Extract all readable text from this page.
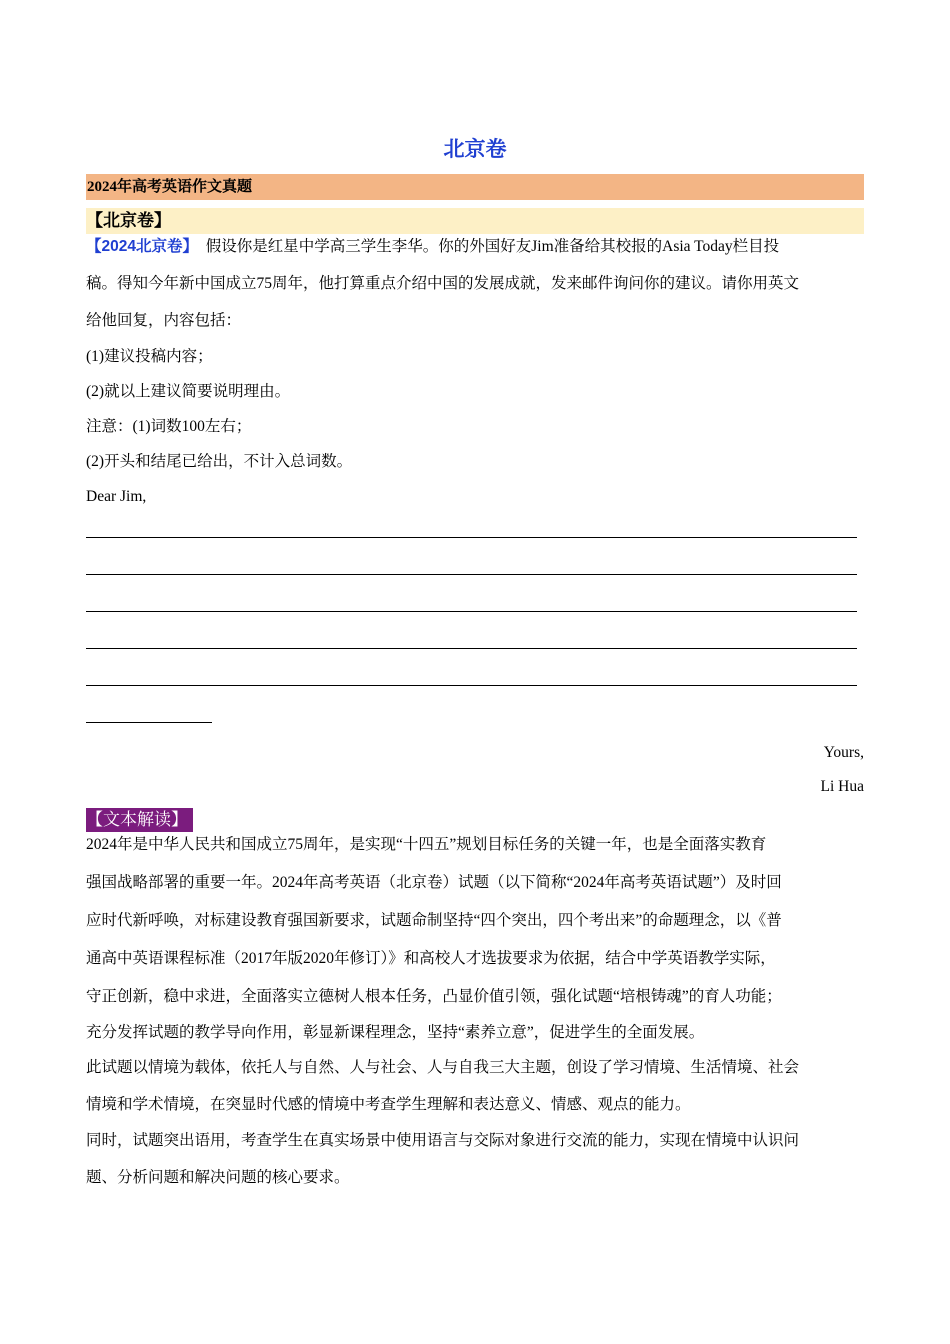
北京卷
2024年高考英语作文真题
【北京卷】
【2024北京卷】 假设你是红星中学高三学生李华。你的外国好友Jim准备给其校报的Asia Today栏目投
稿。得知今年新中国成立75周年，他打算重点介绍中国的发展成就，发来邮件询问你的建议。请你用英文
给他回复，内容包括：
(1)建议投稿内容；
(2)就以上建议简要说明理由。
注意：(1)词数100左右；
(2)开头和结尾已给出，不计入总词数。
Dear Jim,
Yours,
Li Hua
【文本解读】
2024年是中华人民共和国成立75周年，是实现“十四五”规划目标任务的关键一年，也是全面落实教育
强国战略部署的重要一年。2024年高考英语（北京卷）试题（以下简称“2024年高考英语试题”）及时回
应时代新呼唤，对标建设教育强国新要求，试题命制坚持“四个突出，四个考出来”的命题理念，以《普
通高中英语课程标准（2017年版2020年修订）》和高校人才选拔要求为依据，结合中学英语教学实际，
守正创新，稳中求进，全面落实立德树人根本任务，凸显价值引领，强化试题“培根铸魂”的育人功能；
充分发挥试题的教学导向作用，彰显新课程理念，坚持“素养立意”，促进学生的全面发展。
此试题以情境为载体，依托人与自然、人与社会、人与自我三大主题，创设了学习情境、生活情境、社会
情境和学术情境，在突显时代感的情境中考查学生理解和表达意义、情感、观点的能力。
同时，试题突出语用，考查学生在真实场景中使用语言与交际对象进行交流的能力，实现在情境中认识问
题、分析问题和解决问题的核心要求。
